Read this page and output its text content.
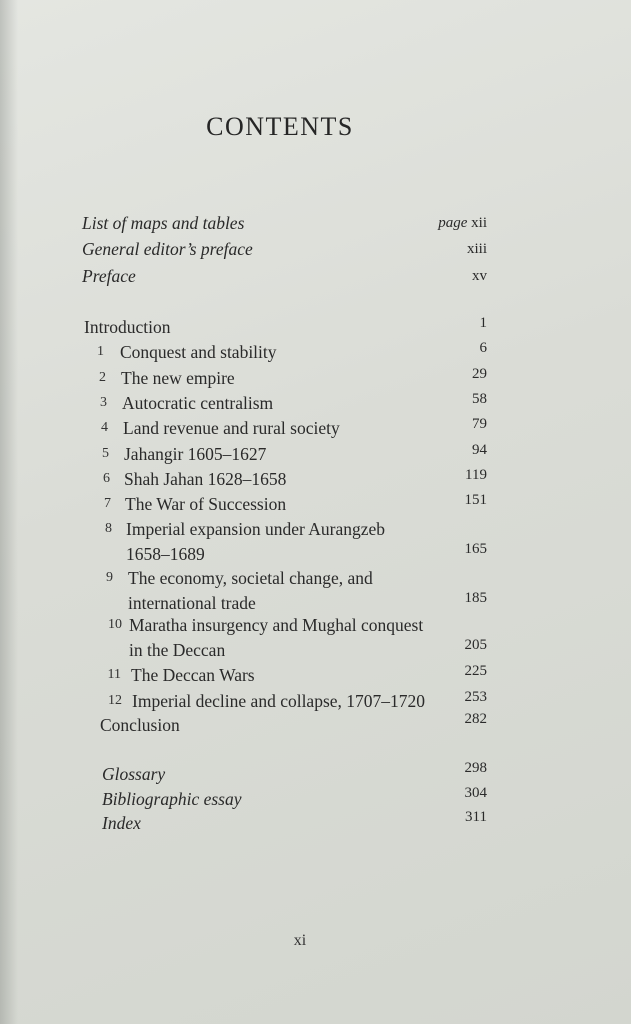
CONTENTS
List of maps and tables	page xii
General editor’s preface	xiii
Preface	xv
Introduction	1
1 Conquest and stability	6
2 The new empire	29
3 Autocratic centralism	58
4 Land revenue and rural society	79
5 Jahangir 1605–1627	94
6 Shah Jahan 1628–1658	119
7 The War of Succession	151
8 Imperial expansion under Aurangzeb
1658–1689	165
9 The economy, societal change, and
international trade	185
10 Maratha insurgency and Mughal conquest
in the Deccan	205
11 The Deccan Wars	225
12 Imperial decline and collapse, 1707–1720	253
Conclusion	282
Glossary	298
Bibliographic essay	304
Index	311
xi
